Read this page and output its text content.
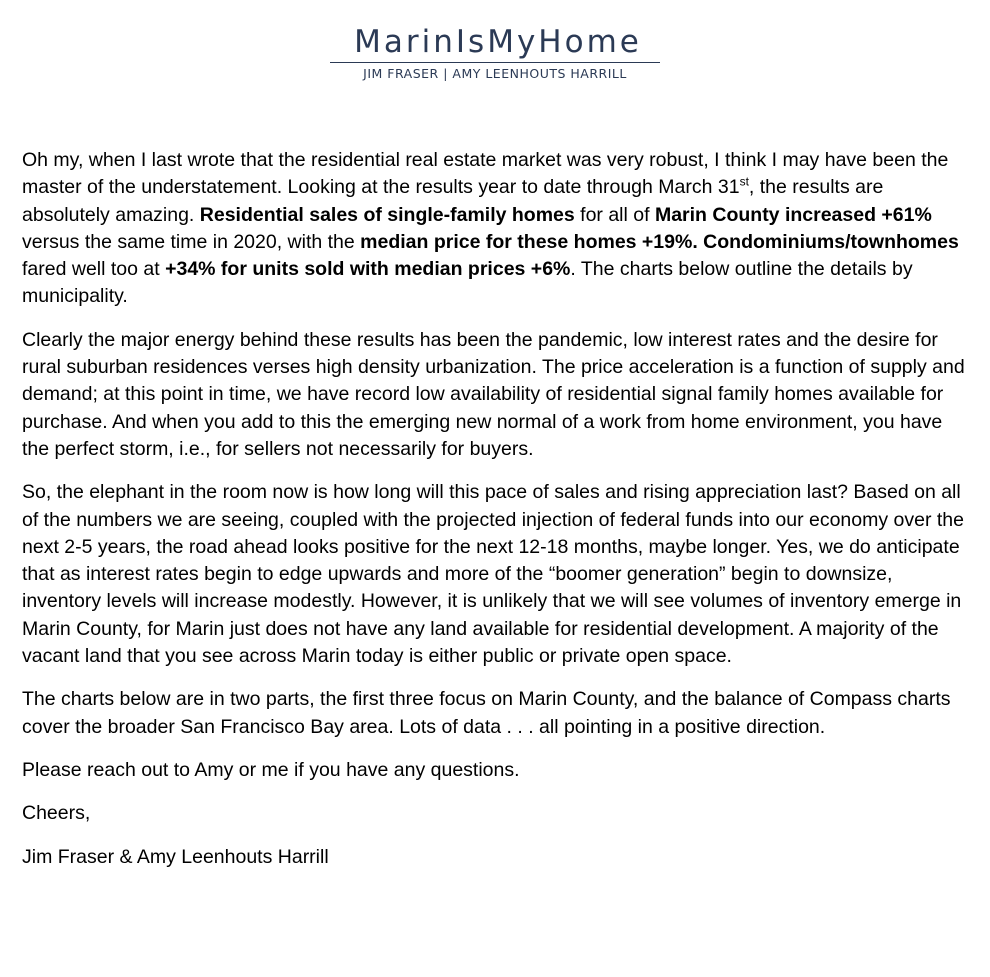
MarinIsMyHome
JIM FRASER | AMY LEENHOUTS HARRILL

Oh my, when I last wrote that the residential real estate market was very robust, I think I may have been the master of the understatement. Looking at the results year to date through March 31st, the results are absolutely amazing. Residential sales of single-family homes for all of Marin County increased +61% versus the same time in 2020, with the median price for these homes +19%. Condominiums/townhomes fared well too at +34% for units sold with median prices +6%. The charts below outline the details by municipality.

Clearly the major energy behind these results has been the pandemic, low interest rates and the desire for rural suburban residences verses high density urbanization. The price acceleration is a function of supply and demand; at this point in time, we have record low availability of residential signal family homes available for purchase. And when you add to this the emerging new normal of a work from home environment, you have the perfect storm, i.e., for sellers not necessarily for buyers.

So, the elephant in the room now is how long will this pace of sales and rising appreciation last? Based on all of the numbers we are seeing, coupled with the projected injection of federal funds into our economy over the next 2-5 years, the road ahead looks positive for the next 12-18 months, maybe longer. Yes, we do anticipate that as interest rates begin to edge upwards and more of the “boomer generation” begin to downsize, inventory levels will increase modestly. However, it is unlikely that we will see volumes of inventory emerge in Marin County, for Marin just does not have any land available for residential development. A majority of the vacant land that you see across Marin today is either public or private open space.

The charts below are in two parts, the first three focus on Marin County, and the balance of Compass charts cover the broader San Francisco Bay area. Lots of data . . . all pointing in a positive direction.

Please reach out to Amy or me if you have any questions.

Cheers,

Jim Fraser & Amy Leenhouts Harrill
